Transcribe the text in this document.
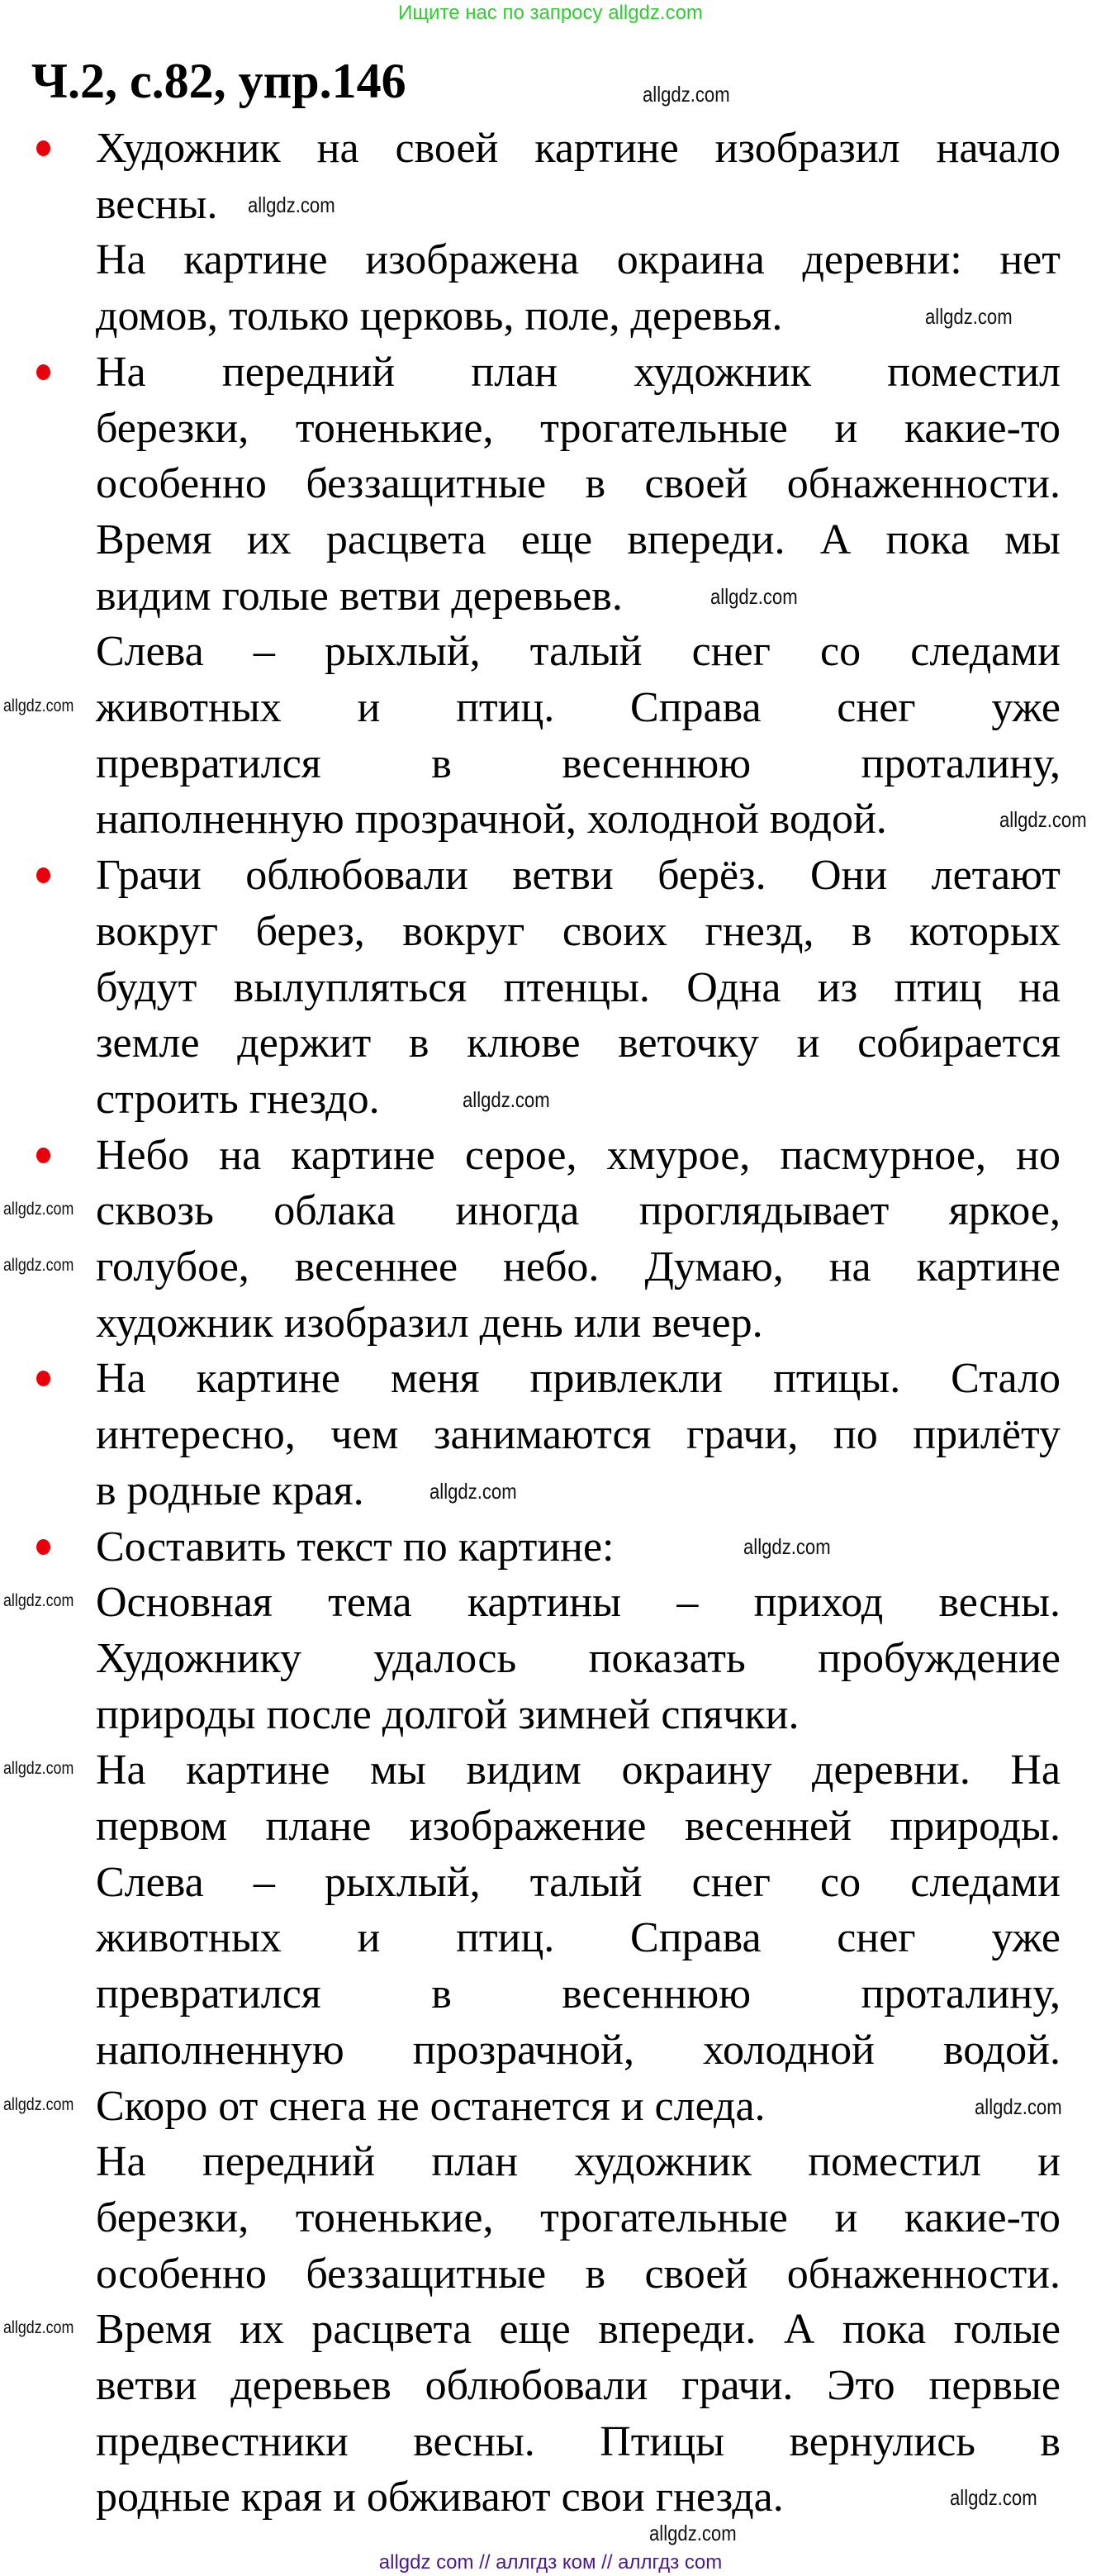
Ищите нас по запросу allgdz.com
Ч.2, с.82, упр.146
Художник на своей картине изобразил начало
весны.
На картине изображена окраина деревни: нет
домов, только церковь, поле, деревья.
На передний план художник поместил
березки, тоненькие, трогательные и какие-то
особенно беззащитные в своей обнаженности.
Время их расцвета еще впереди. А пока мы
видим голые ветви деревьев.
Слева – рыхлый, талый снег со следами
животных и птиц. Справа снег уже
превратился в весеннюю проталину,
наполненную прозрачной, холодной водой.
Грачи облюбовали ветви берёз. Они летают
вокруг берез, вокруг своих гнезд, в которых
будут вылупляться птенцы. Одна из птиц на
земле держит в клюве веточку и собирается
строить гнездо.
Небо на картине серое, хмурое, пасмурное, но
сквозь облака иногда проглядывает яркое,
голубое, весеннее небо. Думаю, на картине
художник изобразил день или вечер.
На картине меня привлекли птицы. Стало
интересно, чем занимаются грачи, по прилёту
в родные края.
Составить текст по картине:
Основная тема картины – приход весны.
Художнику удалось показать пробуждение
природы после долгой зимней спячки.
На картине мы видим окраину деревни. На
первом плане изображение весенней природы.
Слева – рыхлый, талый снег со следами
животных и птиц. Справа снег уже
превратился в весеннюю проталину,
наполненную прозрачной, холодной водой.
Скоро от снега не останется и следа.
На передний план художник поместил и
березки, тоненькие, трогательные и какие-то
особенно беззащитные в своей обнаженности.
Время их расцвета еще впереди. А пока голые
ветви деревьев облюбовали грачи. Это первые
предвестники весны. Птицы вернулись в
родные края и обживают свои гнезда.
allgdz.com
allgdz.com
allgdz.com
allgdz.com
allgdz.com
allgdz.com
allgdz.com
allgdz.com
allgdz.com
allgdz.com
allgdz.com
allgdz.com
allgdz.com
allgdz.com	allgdz.com
allgdz.com
allgdz.com
allgdz.com
allgdz com // аллгдз ком // аллгдз com
